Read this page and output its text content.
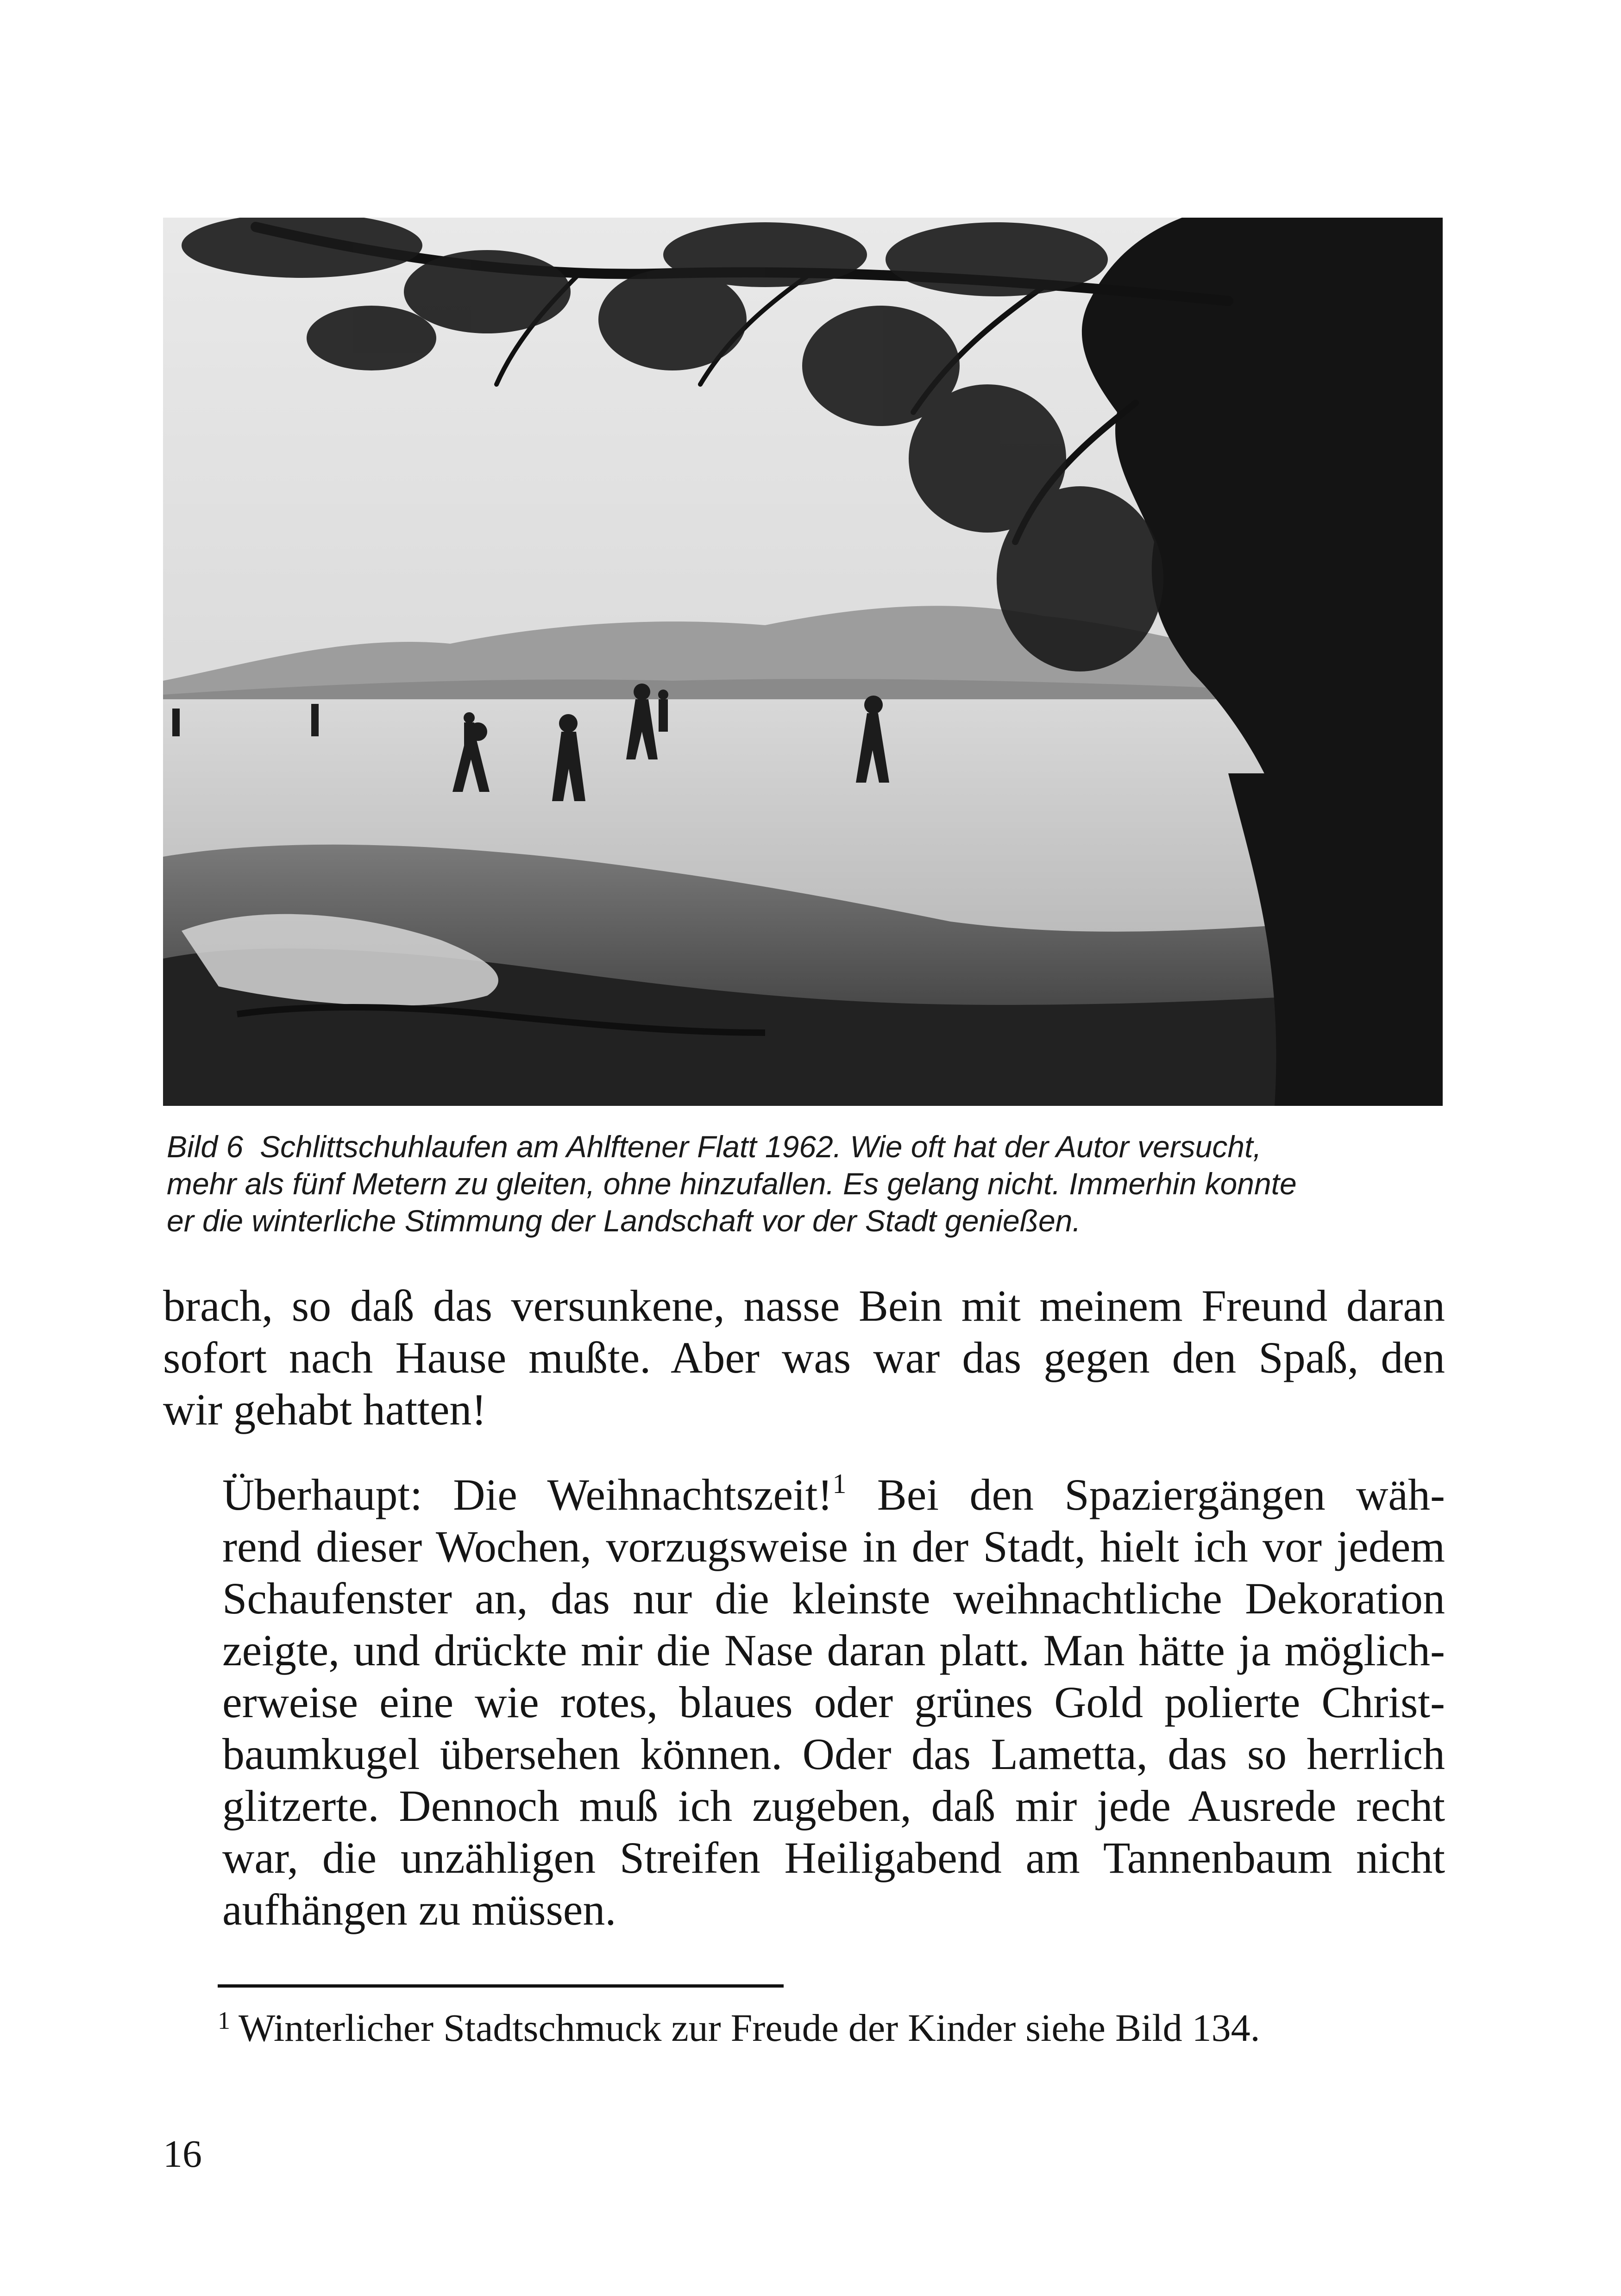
Bild 6 Schlittschuhlaufen am Ahlftener Flatt 1962. Wie oft hat der Autor versucht,
mehr als fünf Metern zu gleiten, ohne hinzufallen. Es gelang nicht. Immerhin konnte
er die winterliche Stimmung der Landschaft vor der Stadt genießen.
brach, so daß das versunkene, nasse Bein mit meinem Freund daran
sofort nach Hause mußte. Aber was war das gegen den Spaß, den
wir gehabt hatten!
Überhaupt: Die Weihnachtszeit!$^1$ Bei den Spaziergängen wäh-
rend dieser Wochen, vorzugsweise in der Stadt, hielt ich vor jedem
Schaufenster an, das nur die kleinste weihnachtliche Dekoration
zeigte, und drückte mir die Nase daran platt. Man hätte ja möglich-
erweise eine wie rotes, blaues oder grünes Gold polierte Christ-
baumkugel übersehen können. Oder das Lametta, das so herrlich
glitzerte. Dennoch muß ich zugeben, daß mir jede Ausrede recht
war, die unzähligen Streifen Heiligabend am Tannenbaum nicht
aufhängen zu müssen.
$^1$ Winterlicher Stadtschmuck zur Freude der Kinder siehe Bild 134.
16
